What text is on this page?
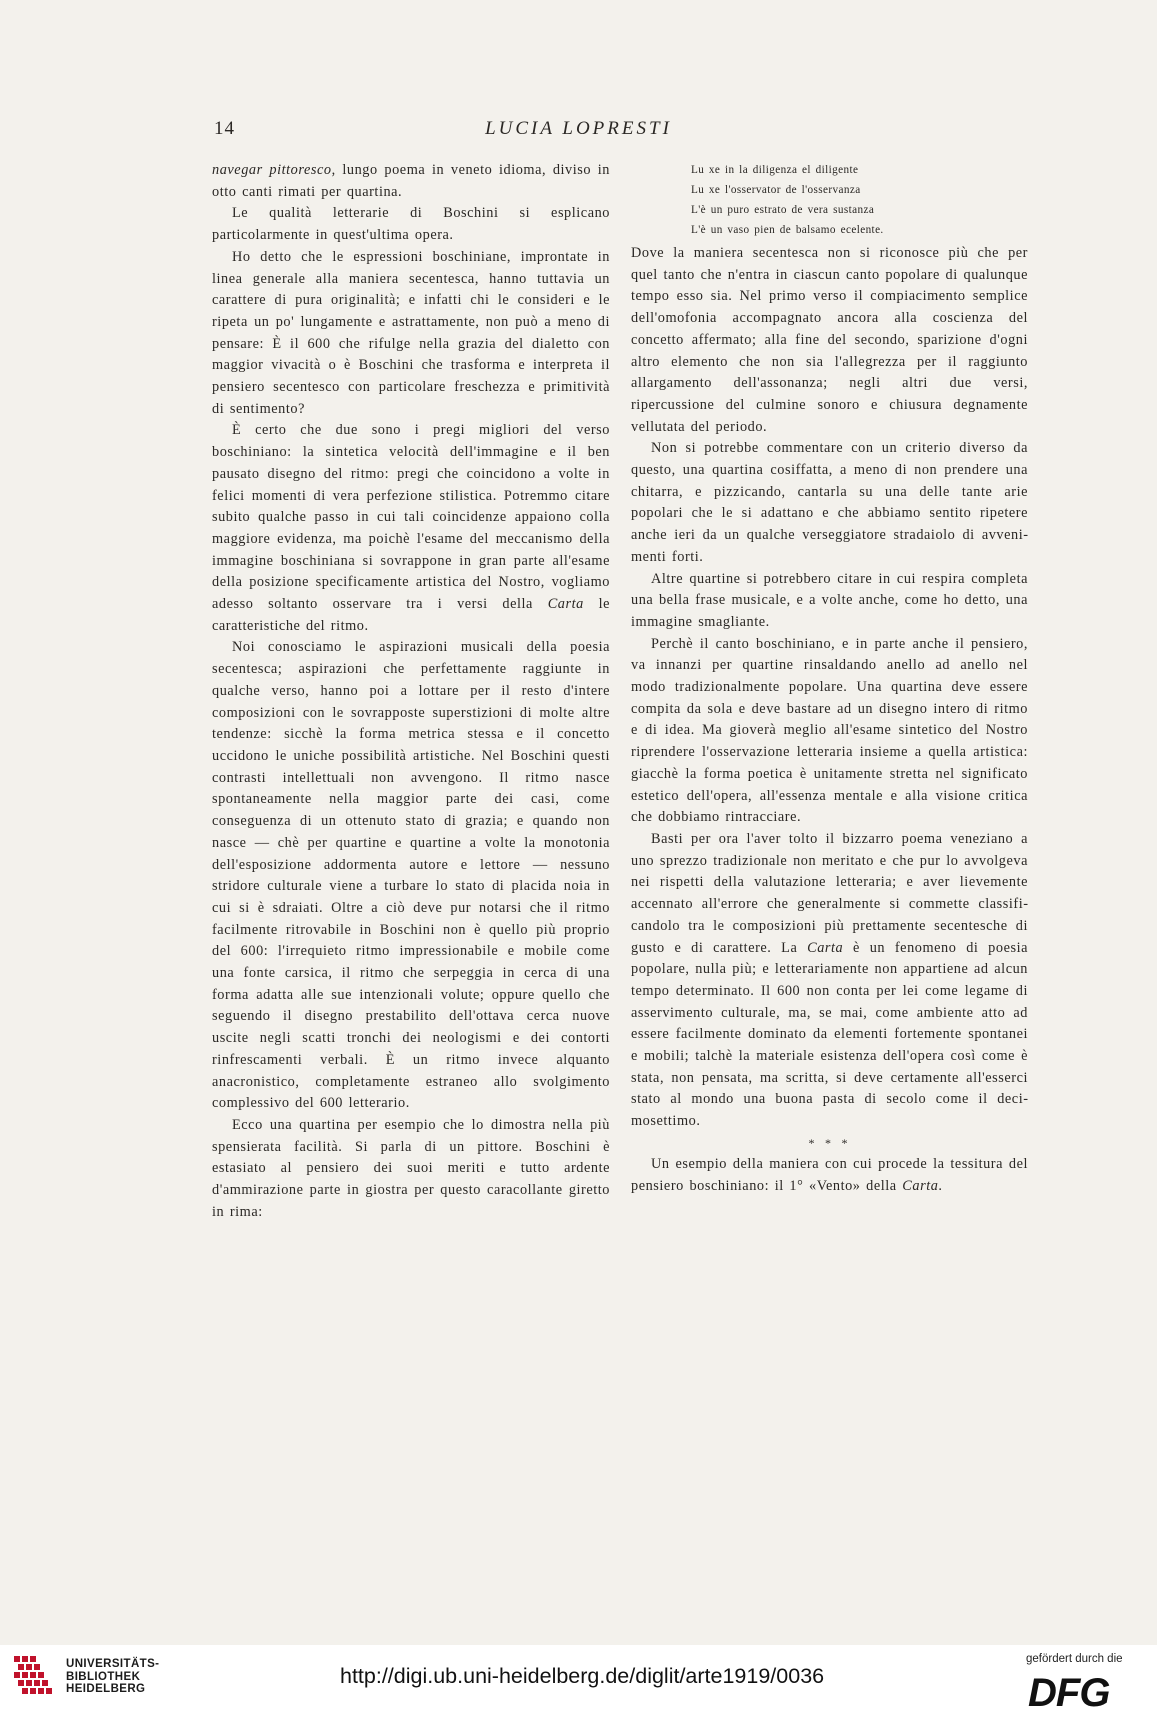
14	LUCIA LOPRESTI

navegar pittoresco, lungo poema in veneto idioma, diviso in otto canti rimati per quartina.

Le qualità letterarie di Boschini si esplicano particolarmente in quest'ultima opera.

Ho detto che le espressioni boschiniane, improntate in linea generale alla maniera secentesca, hanno tuttavia un carattere di pura originalità; e infatti chi le consideri e le ripeta un po' lungamente e astrattamente, non può a meno di pensare: È il 600 che rifulge nella grazia del dialetto con maggior vivacità o è Boschini che trasforma e interpreta il pensiero secentesco con particolare freschezza e primitività di sentimento?

È certo che due sono i pregi migliori del verso boschiniano: la sintetica velocità dell'immagine e il ben pausato disegno del ritmo: pregi che coincidono a volte in felici momenti di vera perfezione stilistica. Potremmo citare subito qualche passo in cui tali coincidenze appaiono colla maggiore evidenza, ma poichè l'esame del meccanismo della immagine boschiniana si sovrappone in gran parte all'esame della posizione specificamente artistica del Nostro, vogliamo adesso soltanto osservare tra i versi della Carta le caratteristiche del ritmo.

Noi conosciamo le aspirazioni musicali della poesia secentesca; aspirazioni che perfettamente raggiunte in qualche verso, hanno poi a lottare per il resto d'intere composizioni con le sovrapposte superstizioni di molte altre tendenze: sicchè la forma metrica stessa e il concetto uccidono le uniche possibilità artistiche. Nel Boschini questi contrasti intellettuali non avvengono. Il ritmo nasce spontaneamente nella maggior parte dei casi, come conseguenza di un ottenuto stato di grazia; e quando non nasce — chè per quartine e quartine a volte la monotonia dell'esposizione addormenta autore e lettore — nessuno stridore culturale viene a turbare lo stato di placida noia in cui si è sdraiati. Oltre a ciò deve pur notarsi che il ritmo facilmente ritrovabile in Boschini non è quello più proprio del 600: l'irrequieto ritmo impressionabile e mobile come una fonte carsica, il ritmo che serpeggia in cerca di una forma adatta alle sue intenzionali volute; oppure quello che seguendo il disegno prestabilito dell'ottava cerca nuove uscite negli scatti tronchi dei neologismi e dei contorti rinfrescamenti verbali. È un ritmo invece alquanto anacronistico, completamente estraneo allo svolgimento complessivo del 600 letterario.

Ecco una quartina per esempio che lo dimostra nella più spensierata facilità. Si parla di un pittore. Boschini è estasiato al pensiero dei suoi meriti e tutto ardente d'ammirazione parte in giostra per questo caracollante giretto in rima:

Lu xe in la diligenza el diligente
Lu xe l'osservator de l'osservanza
L'è un puro estrato de vera sustanza
L'è un vaso pien de balsamo ecelente.

Dove la maniera secentesca non si riconosce più che per quel tanto che n'entra in ciascun canto popolare di qualunque tempo esso sia. Nel primo verso il compiacimento semplice dell'omofonia accompagnato ancora alla coscienza del concetto affermato; alla fine del secondo, sparizione d'ogni altro elemento che non sia l'allegrezza per il raggiunto allargamento dell'assonanza; negli altri due versi, ripercussione del culmine sonoro e chiusura degnamente vellutata del periodo.

Non si potrebbe commentare con un criterio diverso da questo, una quartina cosiffatta, a meno di non prendere una chitarra, e pizzicando, cantarla su una delle tante arie popolari che le si adattano e che abbiamo sentito ripetere anche ieri da un qualche verseggiatore stradaiolo di avvenimenti forti.

Altre quartine si potrebbero citare in cui respira completa una bella frase musicale, e a volte anche, come ho detto, una immagine smagliante.

Perchè il canto boschiniano, e in parte anche il pensiero, va innanzi per quartine rinsaldando anello ad anello nel modo tradizionalmente popolare. Una quartina deve essere compita da sola e deve bastare ad un disegno intero di ritmo e di idea. Ma gioverà meglio all'esame sintetico del Nostro riprendere l'osservazione letteraria insieme a quella artistica: giacchè la forma poetica è unitamente stretta nel significato estetico dell'opera, all'essenza mentale e alla visione critica che dobbiamo rintracciare.

Basti per ora l'aver tolto il bizzarro poema veneziano a uno sprezzo tradizionale non meritato e che pur lo avvolgeva nei rispetti della valutazione letteraria; e aver lievemente accennato all'errore che generalmente si commette classificandolo tra le composizioni più prettamente secentesche di gusto e di carattere. La Carta è un fenomeno di poesia popolare, nulla più; e letterariamente non appartiene ad alcun tempo determinato. Il 600 non conta per lei come legame di asservimento culturale, ma, se mai, come ambiente atto ad essere facilmente dominato da elementi fortemente spontanei e mobili; talchè la materiale esistenza dell'opera così come è stata, non pensata, ma scritta, si deve certamente all'esserci stato al mondo una buona pasta di secolo come il decimosettimo.

* * *

Un esempio della maniera con cui procede la tessitura del pensiero boschiniano: il 1° «Vento» della Carta.

UNIVERSITÄTS-
BIBLIOTHEK
HEIDELBERG
http://digi.ub.uni-heidelberg.de/diglit/arte1919/0036
gefördert durch die
DFG
